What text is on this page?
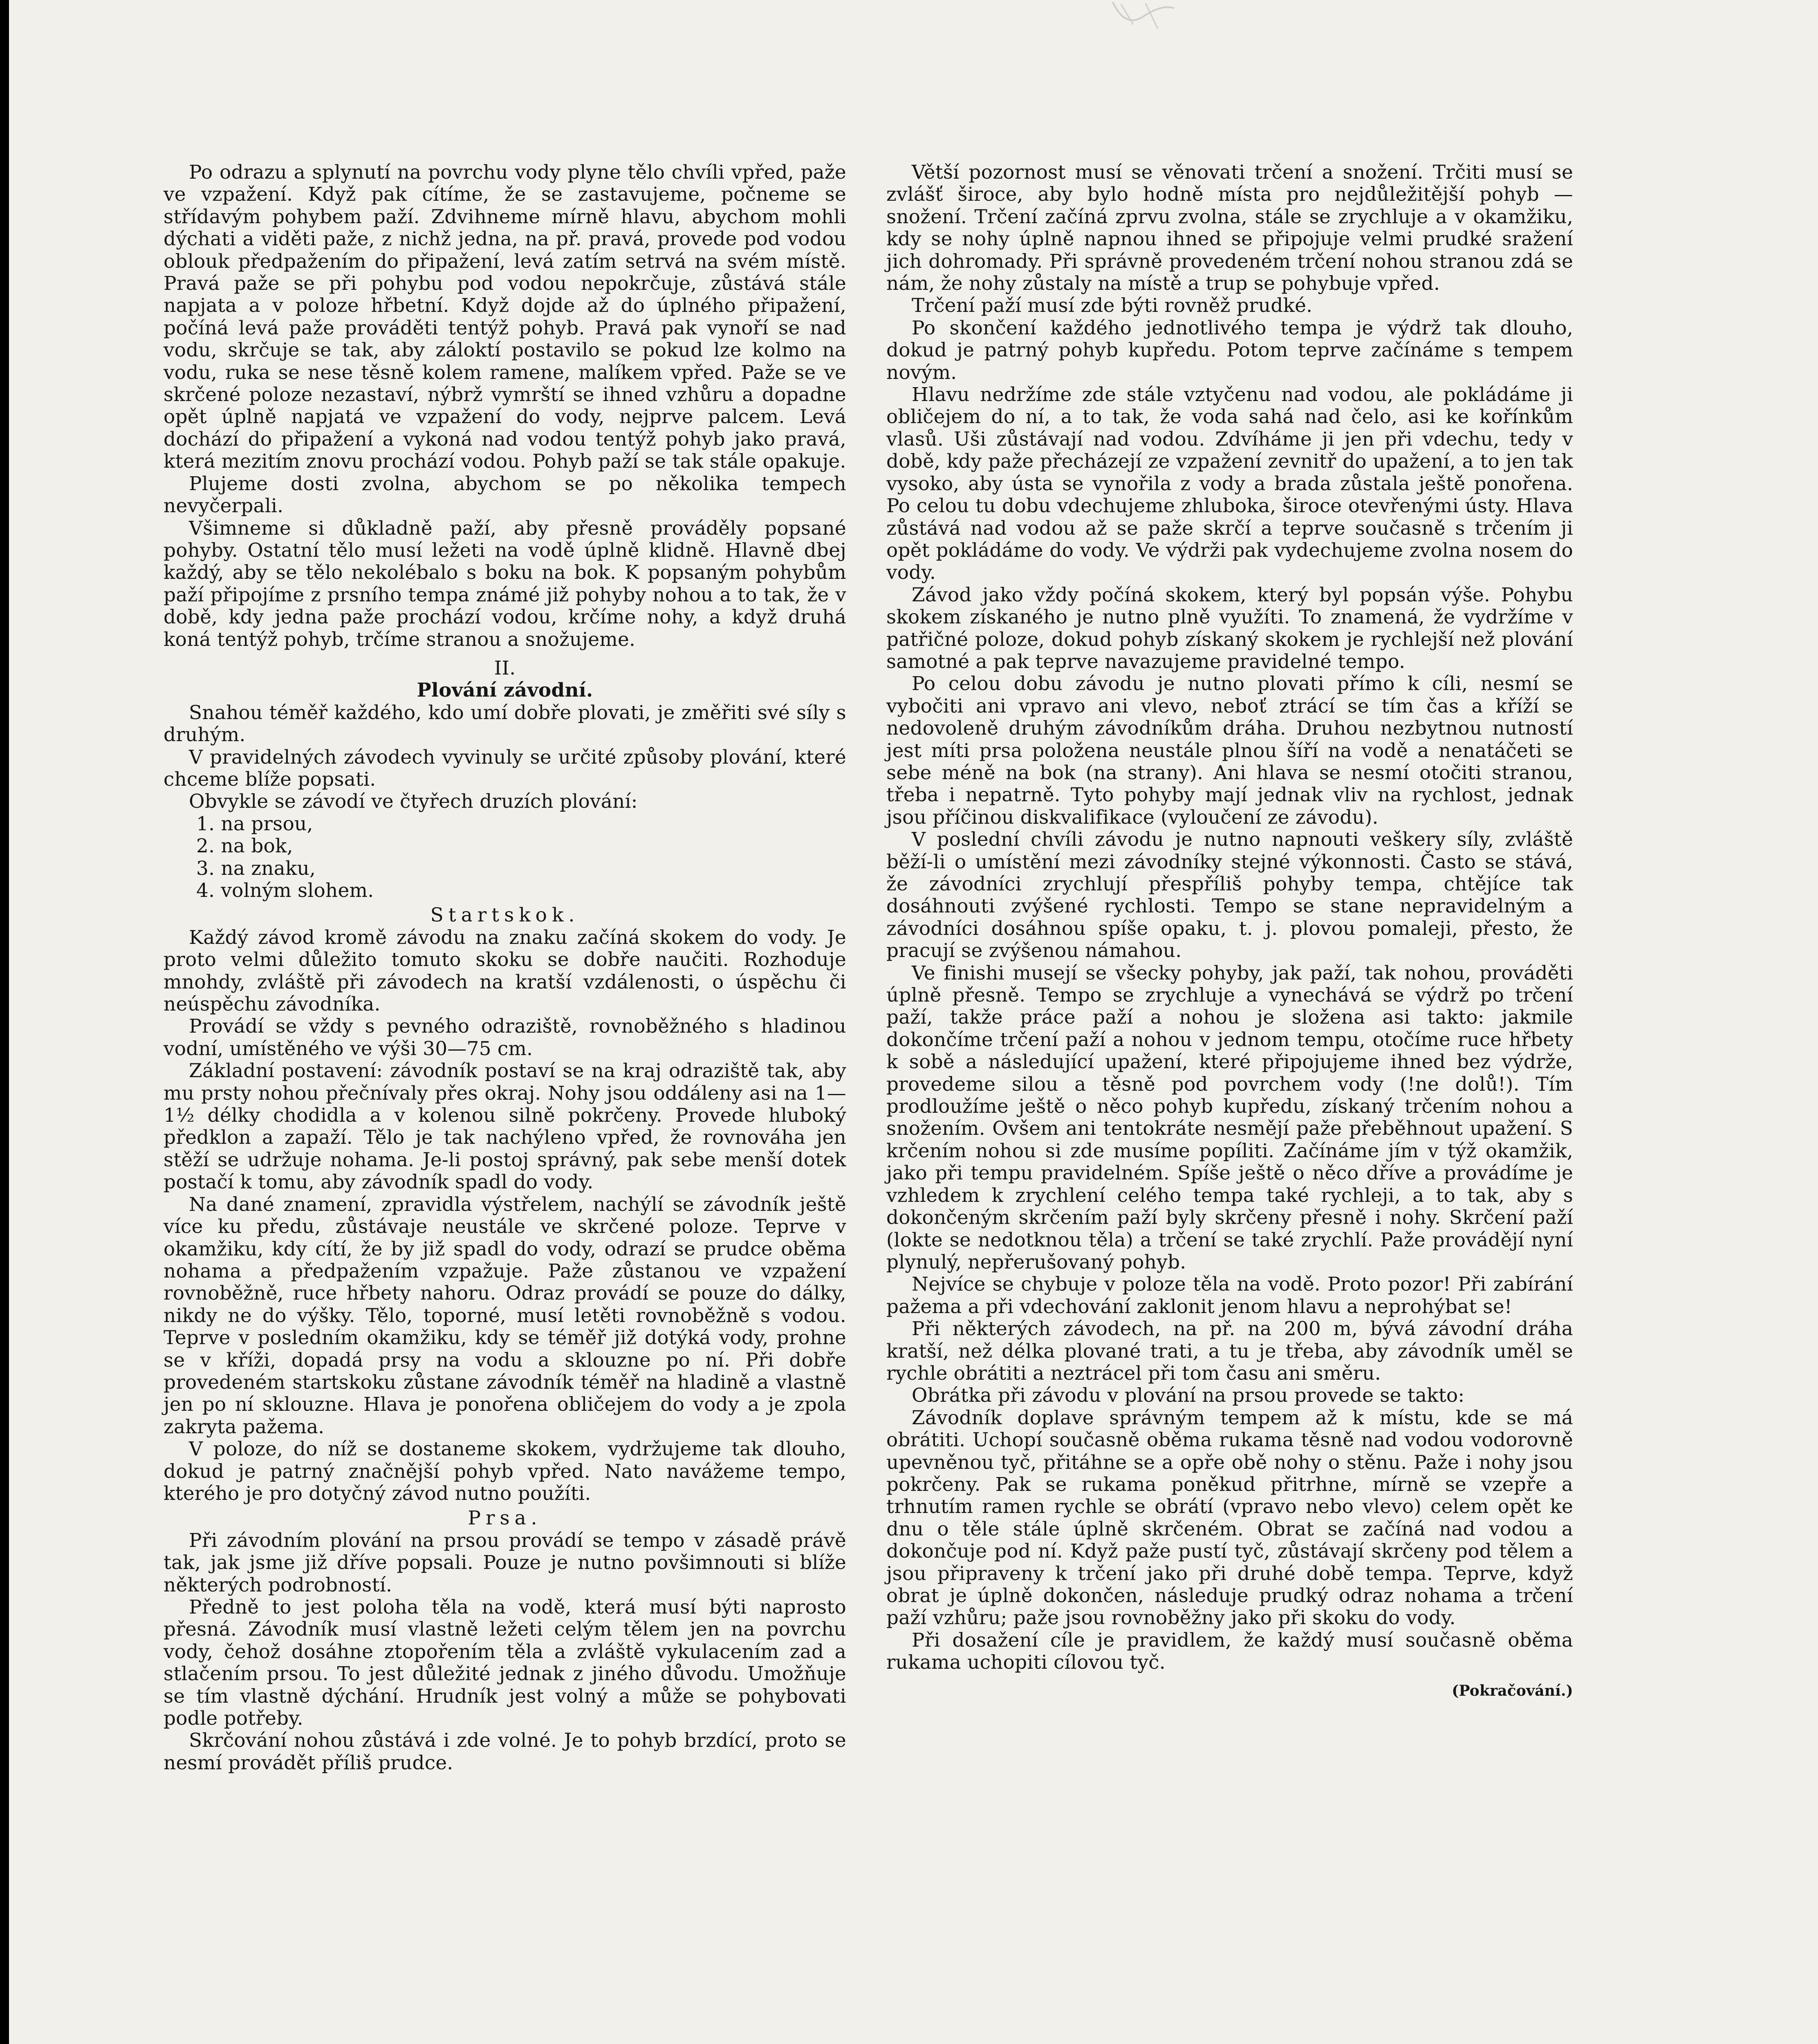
Po odrazu a splynutí na povrchu vody plyne tělo chvíli vpřed, paže ve vzpažení. Když pak cítíme, že se zastavujeme, počneme se střídavým pohybem paží. Zdvihneme mírně hlavu, abychom mohli dýchati a viděti paže, z nichž jedna, na př. pravá, provede pod vodou oblouk předpažením do připažení, levá zatím setrvá na svém místě. Pravá paže se při pohybu pod vodou nepokrčuje, zůstává stále napjata a v poloze hřbetní. Když dojde až do úplného připažení, počíná levá paže prováděti tentýž pohyb. Pravá pak vynoří se nad vodu, skrčuje se tak, aby záloktí postavilo se pokud lze kolmo na vodu, ruka se nese těsně kolem ramene, malíkem vpřed. Paže se ve skrčené poloze nezastaví, nýbrž vymrští se ihned vzhůru a dopadne opět úplně napjatá ve vzpažení do vody, nejprve palcem. Levá dochází do připažení a vykoná nad vodou tentýž pohyb jako pravá, která mezitím znovu prochází vodou. Pohyb paží se tak stále opakuje.

Plujeme dosti zvolna, abychom se po několika tempech nevyčerpali.

Všimneme si důkladně paží, aby přesně prováděly popsané pohyby. Ostatní tělo musí ležeti na vodě úplně klidně. Hlavně dbej každý, aby se tělo nekolébalo s boku na bok. K popsaným pohybům paží připojíme z prsního tempa známé již pohyby nohou a to tak, že v době, kdy jedna paže prochází vodou, krčíme nohy, a když druhá koná tentýž pohyb, trčíme stranou a snožujeme.

II.

Plování závodní.

Snahou téměř každého, kdo umí dobře plovati, je změřiti své síly s druhým.

V pravidelných závodech vyvinuly se určité způsoby plování, které chceme blíže popsati.

Obvykle se závodí ve čtyřech druzích plování:

1. na prsou,

2. na bok,

3. na znaku,

4. volným slohem.

Startskok.

Každý závod kromě závodu na znaku začíná skokem do vody. Je proto velmi důležito tomuto skoku se dobře naučiti. Rozhoduje mnohdy, zvláště při závodech na kratší vzdálenosti, o úspěchu či neúspěchu závodníka.

Provádí se vždy s pevného odraziště, rovnoběžného s hladinou vodní, umístěného ve výši 30—75 cm.

Základní postavení: závodník postaví se na kraj odraziště tak, aby mu prsty nohou přečnívaly přes okraj. Nohy jsou oddáleny asi na 1—1½ délky chodidla a v kolenou silně pokrčeny. Provede hluboký předklon a zapaží. Tělo je tak nachýleno vpřed, že rovnováha jen stěží se udržuje nohama. Je-li postoj správný, pak sebe menší dotek postačí k tomu, aby závodník spadl do vody.

Na dané znamení, zpravidla výstřelem, nachýlí se závodník ještě více ku předu, zůstávaje neustále ve skrčené poloze. Teprve v okamžiku, kdy cítí, že by již spadl do vody, odrazí se prudce oběma nohama a předpažením vzpažuje. Paže zůstanou ve vzpažení rovnoběžně, ruce hřbety nahoru. Odraz provádí se pouze do dálky, nikdy ne do výšky. Tělo, toporné, musí letěti rovnoběžně s vodou. Teprve v posledním okamžiku, kdy se téměř již dotýká vody, prohne se v kříži, dopadá prsy na vodu a sklouzne po ní. Při dobře provedeném startskoku zůstane závodník téměř na hladině a vlastně jen po ní sklouzne. Hlava je ponořena obličejem do vody a je zpola zakryta pažema.

V poloze, do níž se dostaneme skokem, vydržujeme tak dlouho, dokud je patrný značnější pohyb vpřed. Nato navážeme tempo, kterého je pro dotyčný závod nutno použíti.

Prsa.

Při závodním plování na prsou provádí se tempo v zásadě právě tak, jak jsme již dříve popsali. Pouze je nutno povšimnouti si blíže některých podrobností.

Předně to jest poloha těla na vodě, která musí býti naprosto přesná. Závodník musí vlastně ležeti celým tělem jen na povrchu vody, čehož dosáhne ztopořením těla a zvláště vykulacením zad a stlačením prsou. To jest důležité jednak z jiného důvodu. Umožňuje se tím vlastně dýchání. Hrudník jest volný a může se pohybovati podle potřeby.

Skrčování nohou zůstává i zde volné. Je to pohyb brzdící, proto se nesmí provádět příliš prudce.

Větší pozornost musí se věnovati trčení a snožení. Trčiti musí se zvlášť široce, aby bylo hodně místa pro nejdůležitější pohyb — snožení. Trčení začíná zprvu zvolna, stále se zrychluje a v okamžiku, kdy se nohy úplně napnou ihned se připojuje velmi prudké sražení jich dohromady. Při správně provedeném trčení nohou stranou zdá se nám, že nohy zůstaly na místě a trup se pohybuje vpřed.

Trčení paží musí zde býti rovněž prudké.

Po skončení každého jednotlivého tempa je výdrž tak dlouho, dokud je patrný pohyb kupředu. Potom teprve začínáme s tempem novým.

Hlavu nedržíme zde stále vztyčenu nad vodou, ale pokládáme ji obličejem do ní, a to tak, že voda sahá nad čelo, asi ke kořínkům vlasů. Uši zůstávají nad vodou. Zdvíháme ji jen při vdechu, tedy v době, kdy paže přecházejí ze vzpažení zevnitř do upažení, a to jen tak vysoko, aby ústa se vynořila z vody a brada zůstala ještě ponořena. Po celou tu dobu vdechujeme zhluboka, široce otevřenými ústy. Hlava zůstává nad vodou až se paže skrčí a teprve současně s trčením ji opět pokládáme do vody. Ve výdrži pak vydechujeme zvolna nosem do vody.

Závod jako vždy počíná skokem, který byl popsán výše. Pohybu skokem získaného je nutno plně využíti. To znamená, že vydržíme v patřičné poloze, dokud pohyb získaný skokem je rychlejší než plování samotné a pak teprve navazujeme pravidelné tempo.

Po celou dobu závodu je nutno plovati přímo k cíli, nesmí se vybočiti ani vpravo ani vlevo, neboť ztrácí se tím čas a kříží se nedovoleně druhým závodníkům dráha. Druhou nezbytnou nutností jest míti prsa položena neustále plnou šíří na vodě a nenatáčeti se sebe méně na bok (na strany). Ani hlava se nesmí otočiti stranou, třeba i nepatrně. Tyto pohyby mají jednak vliv na rychlost, jednak jsou příčinou diskvalifikace (vyloučení ze závodu).

V poslední chvíli závodu je nutno napnouti veškery síly, zvláště běží-li o umístění mezi závodníky stejné výkonnosti. Často se stává, že závodníci zrychlují přespříliš pohyby tempa, chtějíce tak dosáhnouti zvýšené rychlosti. Tempo se stane nepravidelným a závodníci dosáhnou spíše opaku, t. j. plovou pomaleji, přesto, že pracují se zvýšenou námahou.

Ve finishi musejí se všecky pohyby, jak paží, tak nohou, prováděti úplně přesně. Tempo se zrychluje a vynechává se výdrž po trčení paží, takže práce paží a nohou je složena asi takto: jakmile dokončíme trčení paží a nohou v jednom tempu, otočíme ruce hřbety k sobě a následující upažení, které připojujeme ihned bez výdrže, provedeme silou a těsně pod povrchem vody (!ne dolů!). Tím prodloužíme ještě o něco pohyb kupředu, získaný trčením nohou a snožením. Ovšem ani tentokráte nesmějí paže přeběhnout upažení. S krčením nohou si zde musíme popíliti. Začínáme jím v týž okamžik, jako při tempu pravidelném. Spíše ještě o něco dříve a provádíme je vzhledem k zrychlení celého tempa také rychleji, a to tak, aby s dokončeným skrčením paží byly skrčeny přesně i nohy. Skrčení paží (lokte se nedotknou těla) a trčení se také zrychlí. Paže provádějí nyní plynulý, nepřerušovaný pohyb.

Nejvíce se chybuje v poloze těla na vodě. Proto pozor! Při zabírání pažema a při vdechování zaklonit jenom hlavu a neprohýbat se!

Při některých závodech, na př. na 200 m, bývá závodní dráha kratší, než délka plované trati, a tu je třeba, aby závodník uměl se rychle obrátiti a neztrácel při tom času ani směru.

Obrátka při závodu v plování na prsou provede se takto:

Závodník doplave správným tempem až k místu, kde se má obrátiti. Uchopí současně oběma rukama těsně nad vodou vodorovně upevněnou tyč, přitáhne se a opře obě nohy o stěnu. Paže i nohy jsou pokrčeny. Pak se rukama poněkud přitrhne, mírně se vzepře a trhnutím ramen rychle se obrátí (vpravo nebo vlevo) celem opět ke dnu o těle stále úplně skrčeném. Obrat se začíná nad vodou a dokončuje pod ní. Když paže pustí tyč, zůstávají skrčeny pod tělem a jsou připraveny k trčení jako při druhé době tempa. Teprve, když obrat je úplně dokončen, následuje prudký odraz nohama a trčení paží vzhůru; paže jsou rovnoběžny jako při skoku do vody.

Při dosažení cíle je pravidlem, že každý musí současně oběma rukama uchopiti cílovou tyč.

(Pokračování.)
